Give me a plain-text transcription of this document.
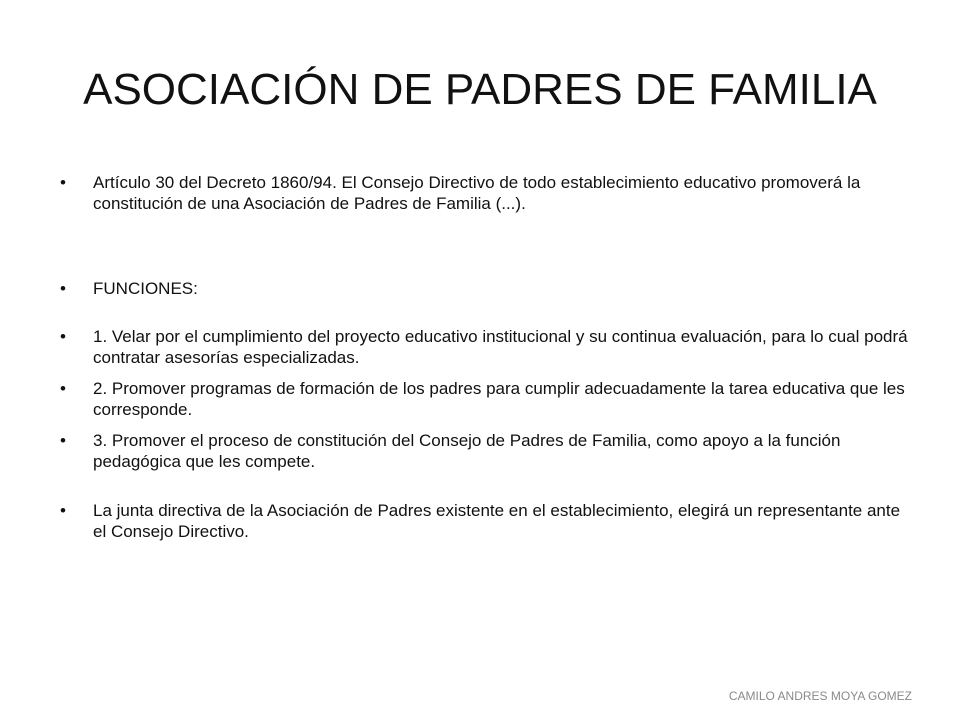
ASOCIACIÓN DE PADRES DE FAMILIA
• Artículo 30 del Decreto 1860/94. El Consejo Directivo de todo establecimiento educativo promoverá la constitución de una Asociación de Padres de Familia (...).
• FUNCIONES:
• 1. Velar por el cumplimiento del proyecto educativo institucional y su continua evaluación, para lo cual podrá contratar asesorías especializadas.
• 2. Promover programas de formación de los padres para cumplir adecuadamente la tarea educativa que les corresponde.
• 3. Promover el proceso de constitución del Consejo de Padres de Familia, como apoyo a la función pedagógica que les compete.
• La junta directiva de la Asociación de Padres existente en el establecimiento, elegirá un representante ante el Consejo Directivo.
CAMILO ANDRES MOYA GOMEZ
